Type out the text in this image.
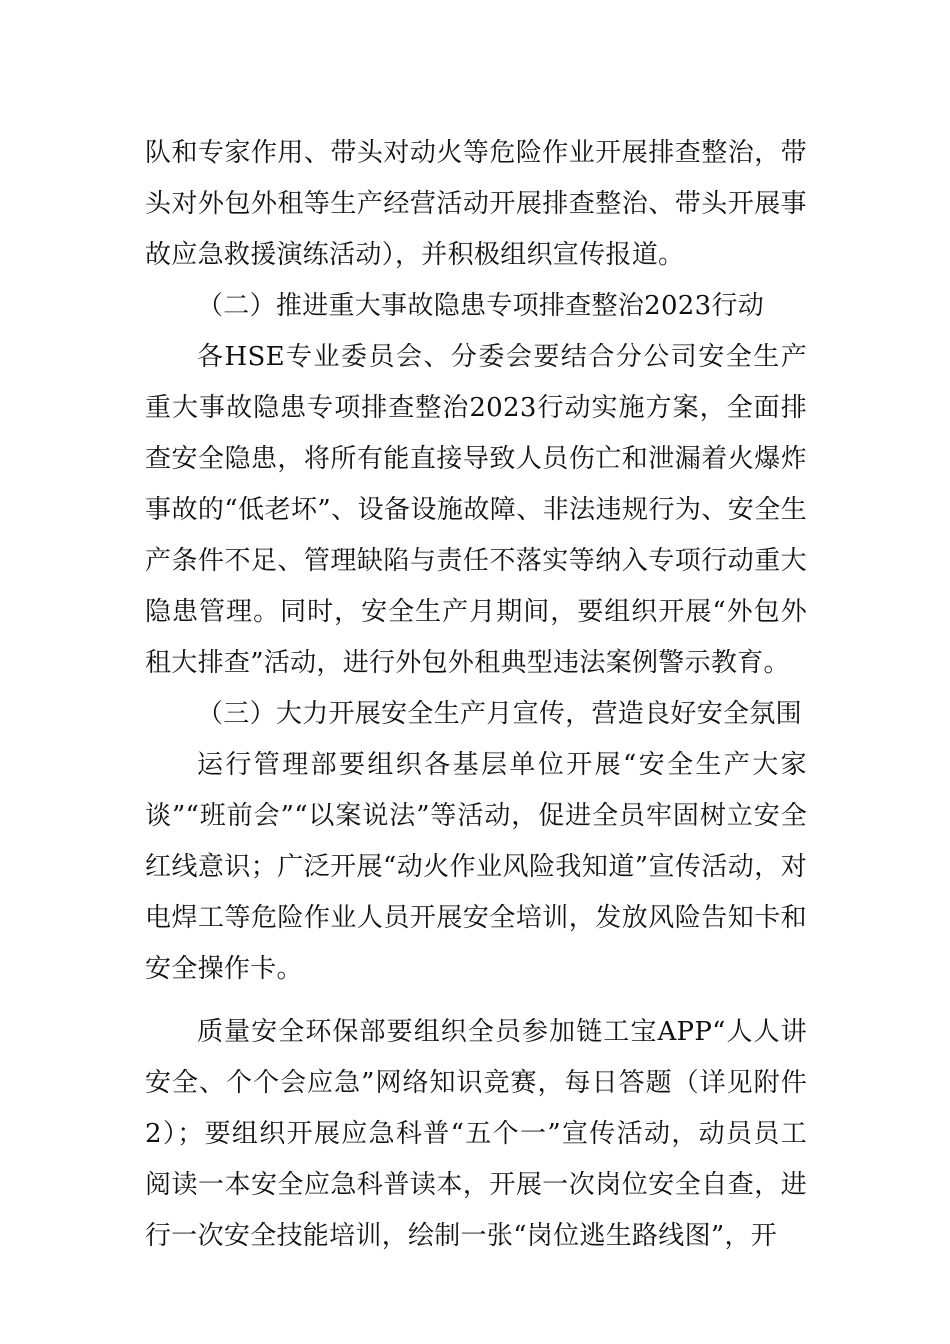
队和专家作用、带头对动火等危险作业开展排查整治，带头对外包外租等生产经营活动开展排查整治、带头开展事故应急救援演练活动），并积极组织宣传报道。

（二）推进重大事故隐患专项排查整治2023行动

各HSE专业委员会、分委会要结合分公司安全生产重大事故隐患专项排查整治2023行动实施方案，全面排查安全隐患，将所有能直接导致人员伤亡和泄漏着火爆炸事故的“低老坏”、设备设施故障、非法违规行为、安全生产条件不足、管理缺陷与责任不落实等纳入专项行动重大隐患管理。同时，安全生产月期间，要组织开展“外包外租大排查”活动，进行外包外租典型违法案例警示教育。

（三）大力开展安全生产月宣传，营造良好安全氛围

运行管理部要组织各基层单位开展“安全生产大家谈”“班前会”“以案说法”等活动，促进全员牢固树立安全红线意识；广泛开展“动火作业风险我知道”宣传活动，对电焊工等危险作业人员开展安全培训，发放风险告知卡和安全操作卡。

质量安全环保部要组织全员参加链工宝APP“人人讲安全、个个会应急”网络知识竞赛，每日答题（详见附件2）；要组织开展应急科普“五个一”宣传活动，动员员工阅读一本安全应急科普读本，开展一次岗位安全自查，进行一次安全技能培训，绘制一张“岗位逃生路线图”，开
